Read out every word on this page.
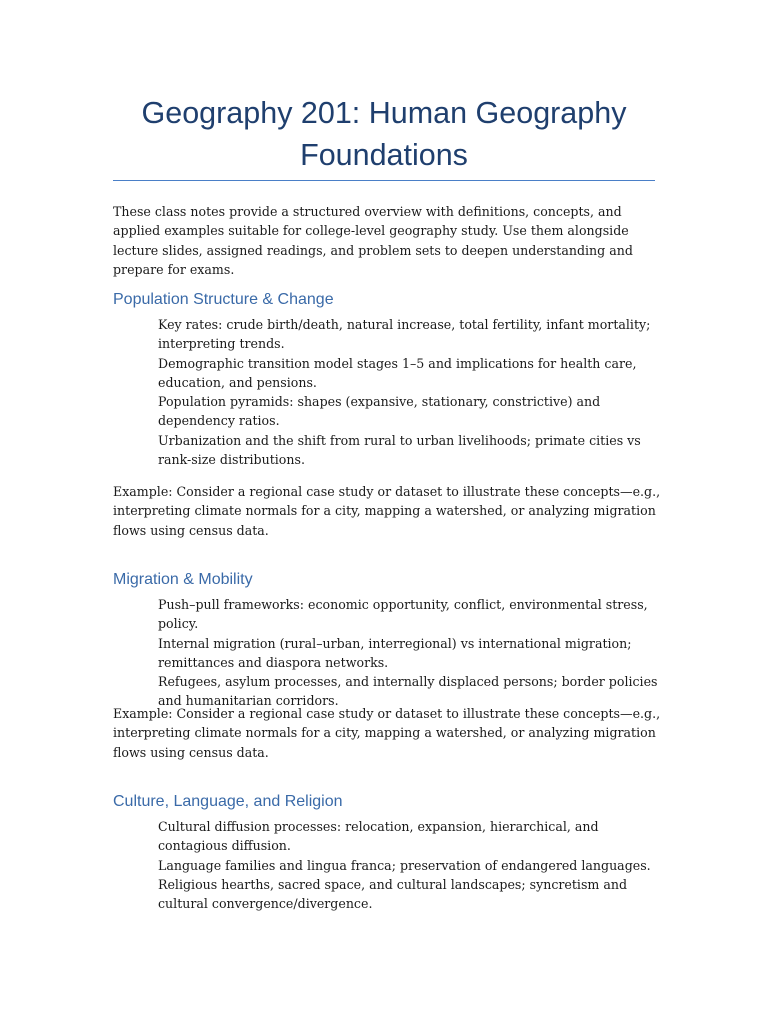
Geography 201: Human Geography
Foundations

These class notes provide a structured overview with definitions, concepts, and applied examples suitable for college-level geography study. Use them alongside lecture slides, assigned readings, and problem sets to deepen understanding and prepare for exams.

Population Structure & Change
Key rates: crude birth/death, natural increase, total fertility, infant mortality; interpreting trends.
Demographic transition model stages 1–5 and implications for health care, education, and pensions.
Population pyramids: shapes (expansive, stationary, constrictive) and dependency ratios.
Urbanization and the shift from rural to urban livelihoods; primate cities vs rank-size distributions.

Example: Consider a regional case study or dataset to illustrate these concepts—e.g., interpreting climate normals for a city, mapping a watershed, or analyzing migration flows using census data.

Migration & Mobility
Push–pull frameworks: economic opportunity, conflict, environmental stress, policy.
Internal migration (rural–urban, interregional) vs international migration; remittances and diaspora networks.
Refugees, asylum processes, and internally displaced persons; border policies and humanitarian corridors.

Example: Consider a regional case study or dataset to illustrate these concepts—e.g., interpreting climate normals for a city, mapping a watershed, or analyzing migration flows using census data.

Culture, Language, and Religion
Cultural diffusion processes: relocation, expansion, hierarchical, and contagious diffusion.
Language families and lingua franca; preservation of endangered languages.
Religious hearths, sacred space, and cultural landscapes; syncretism and cultural convergence/divergence.
